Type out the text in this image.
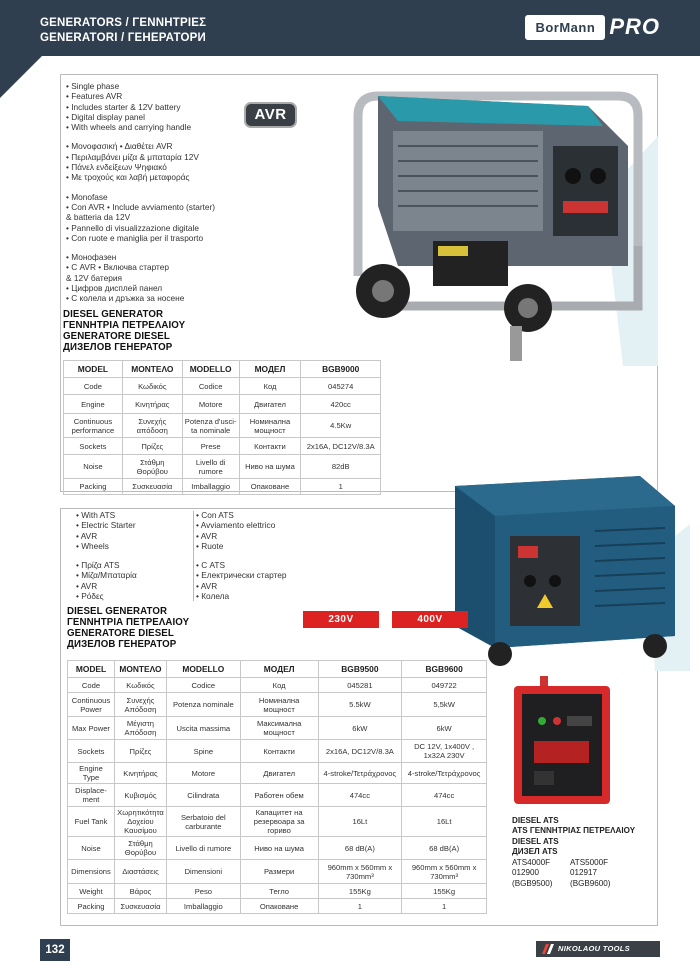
GENERATORS / ΓΕΝΝΗΤΡΙΕΣ
GENERATORI / ГЕНЕРАТОРИ
BorMann PRO
• Single phase
• Features AVR
• Includes starter & 12V battery
• Digital display panel
• With wheels and carrying handle
• Μονοφασική • Διαθέτει AVR
• Περιλαμβάνει μίζα & μπαταρία 12V
• Πάνελ ενδείξεων Ψηφιακό
• Με τροχούς και λαβή μεταφοράς
• Monofase
• Con AVR • Include avviamento (starter)
& batteria da 12V
• Pannello di visualizzazione digitale
• Con ruote e maniglia per il trasporto
• Монофазен
• С AVR • Включва стартер
& 12V батерия
• Цифров дисплей панел
• С колела и дръжка за носене
AVR
DIESEL GENERATOR
ΓΕΝΝΗΤΡΙΑ ΠΕΤΡΕΛΑΙΟΥ
GENERATORE DIESEL
ДИЗЕЛОВ ГЕНЕРАТОР
MODEL	ΜΟΝΤΕΛΟ	MODELLO	МОДЕЛ	BGB9000
Code	Κωδικός	Codice	Код	045274
Engine	Κινητήρας	Motore	Двигател	420cc
Continuous performance	Συνεχής απόδοση	Potenza d'usci-ta nominale	Номинална мощност	4.5Kw
Sockets	Πρίζες	Prese	Контакти	2x16A, DC12V/8.3A
Noise	Στάθμη Θορύβου	Livello di rumore	Ниво на шума	82dB
Packing	Συσκευασία	Imballaggio	Опаковане	1
• With ATS
• Electric Starter
• AVR
• Wheels
• Πρίζα ATS
• Μίζα/Μπαταρία
• AVR
• Ρόδες
• Con ATS
• Avviamento elettrico
• AVR
• Ruote
• С ATS
• Електрически стартер
• AVR
• Колела
DIESEL GENERATOR
ΓΕΝΝΗΤΡΙΑ ΠΕΤΡΕΛΑΙΟΥ
GENERATORE DIESEL
ДИЗЕЛОВ ГЕНЕРАТОР
230V	400V
MODEL	ΜΟΝΤΕΛΟ	MODELLO	МОДЕЛ	BGB9500	BGB9600
Code	Κωδικός	Codice	Код	045281	049722
Continuous Power	Συνεχής Απόδοση	Potenza nominale	Номинална мощност	5.5kW	5,5kW
Max Power	Μέγιστη Απόδοση	Uscita massima	Максимална мощност	6kW	6kW
Sockets	Πρίζες	Spine	Контакти	2x16A, DC12V/8.3A	DC 12V, 1x400V , 1x32A 230V
Engine Type	Κινητήρας	Motore	Двигател	4-stroke/Τετράχρονος	4-stroke/Τετράχρονος
Displace-ment	Κυβισμός	Cilindrata	Работен обем	474cc	474cc
Fuel Tank	Χωρητικότητα Δοχείου Καυσίμου	Serbatoio del carburante	Капацитет на резервоара за гориво	16Lt	16Lt
Noise	Στάθμη Θορύβου	Livello di rumore	Ниво на шума	68 dB(A)	68 dB(A)
Dimensions	Διαστάσεις	Dimensioni	Размери	960mm x 560mm x 730mm³	960mm x 560mm x 730mm³
Weight	Βάρος	Peso	Тегло	155Kg	155Kg
Packing	Συσκευασία	Imballaggio	Опаковане	1	1
DIESEL ATS
ATS ΓΕΝΝΗΤΡΙΑΣ ΠΕΤΡΕΛΑΙΟΥ
DIESEL ATS
ДИЗЕЛ ATS
ATS4000F
012900
(BGB9500)
ATS5000F
012917
(BGB9600)
132	NIKOLAOU TOOLS
